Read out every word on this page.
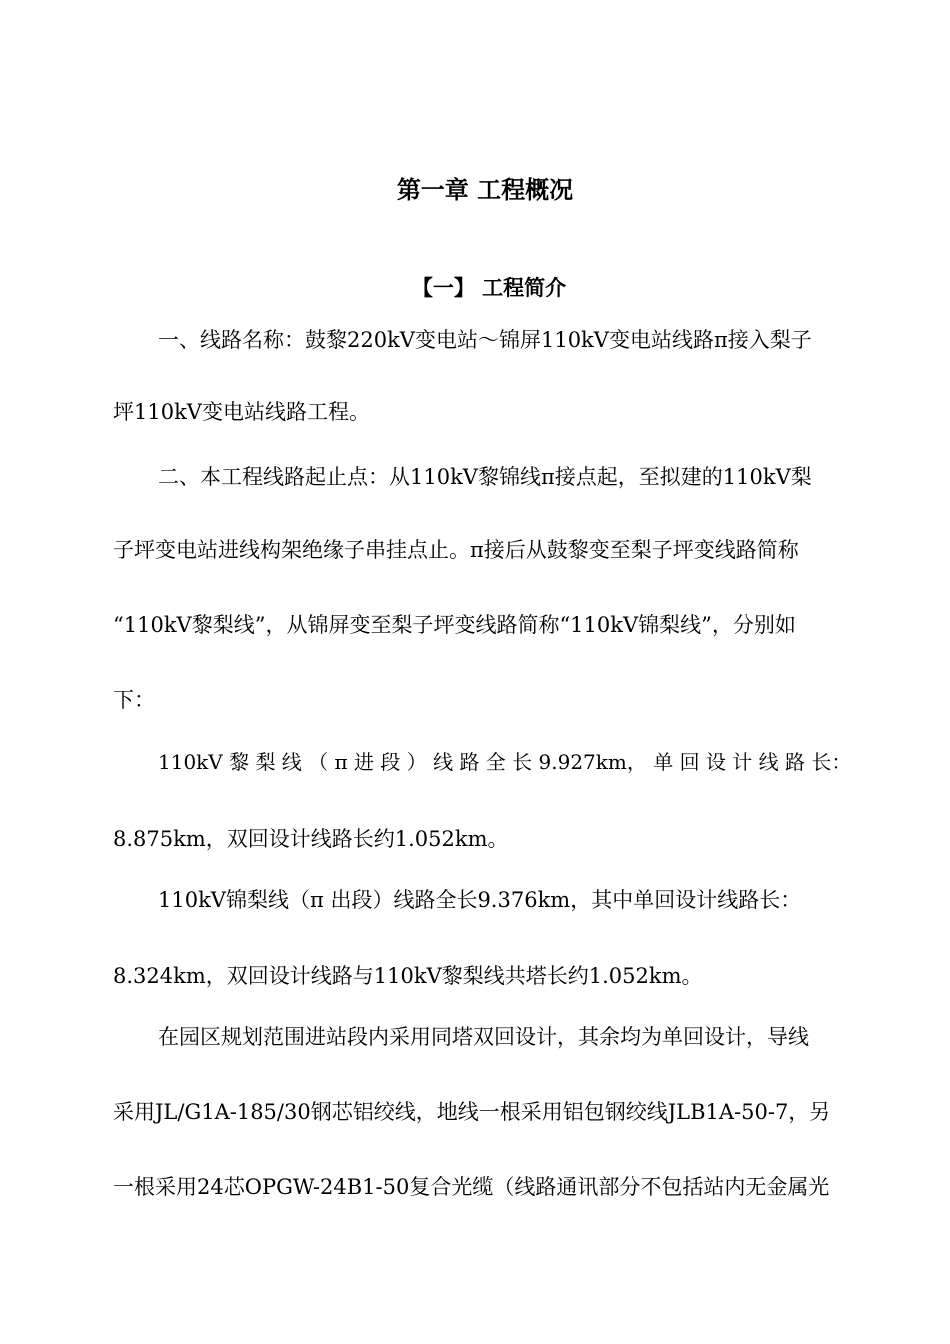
第一章 工程概况
【一】 工程简介

一、线路名称：鼓黎220kV变电站～锦屏110kV变电站线路π接入梨子

坪110kV变电站线路工程。

二、本工程线路起止点：从110kV黎锦线π接点起，至拟建的110kV梨

子坪变电站进线构架绝缘子串挂点止。π接后从鼓黎变至梨子坪变线路简称

“110kV黎梨线”，从锦屏变至梨子坪变线路简称“110kV锦梨线”，分别如

下：

110kV 黎 梨 线 （ π 进 段 ） 线 路 全 长 9.927km， 单 回 设 计 线 路 长：

8.875km，双回设计线路长约1.052km。

110kV锦梨线（π 出段）线路全长9.376km，其中单回设计线路长：

8.324km，双回设计线路与110kV黎梨线共塔长约1.052km。

在园区规划范围进站段内采用同塔双回设计，其余均为单回设计，导线

采用JL/G1A-185/30钢芯铝绞线，地线一根采用铝包钢绞线JLB1A-50-7，另

一根采用24芯OPGW-24B1-50复合光缆（线路通讯部分不包括站内无金属光
